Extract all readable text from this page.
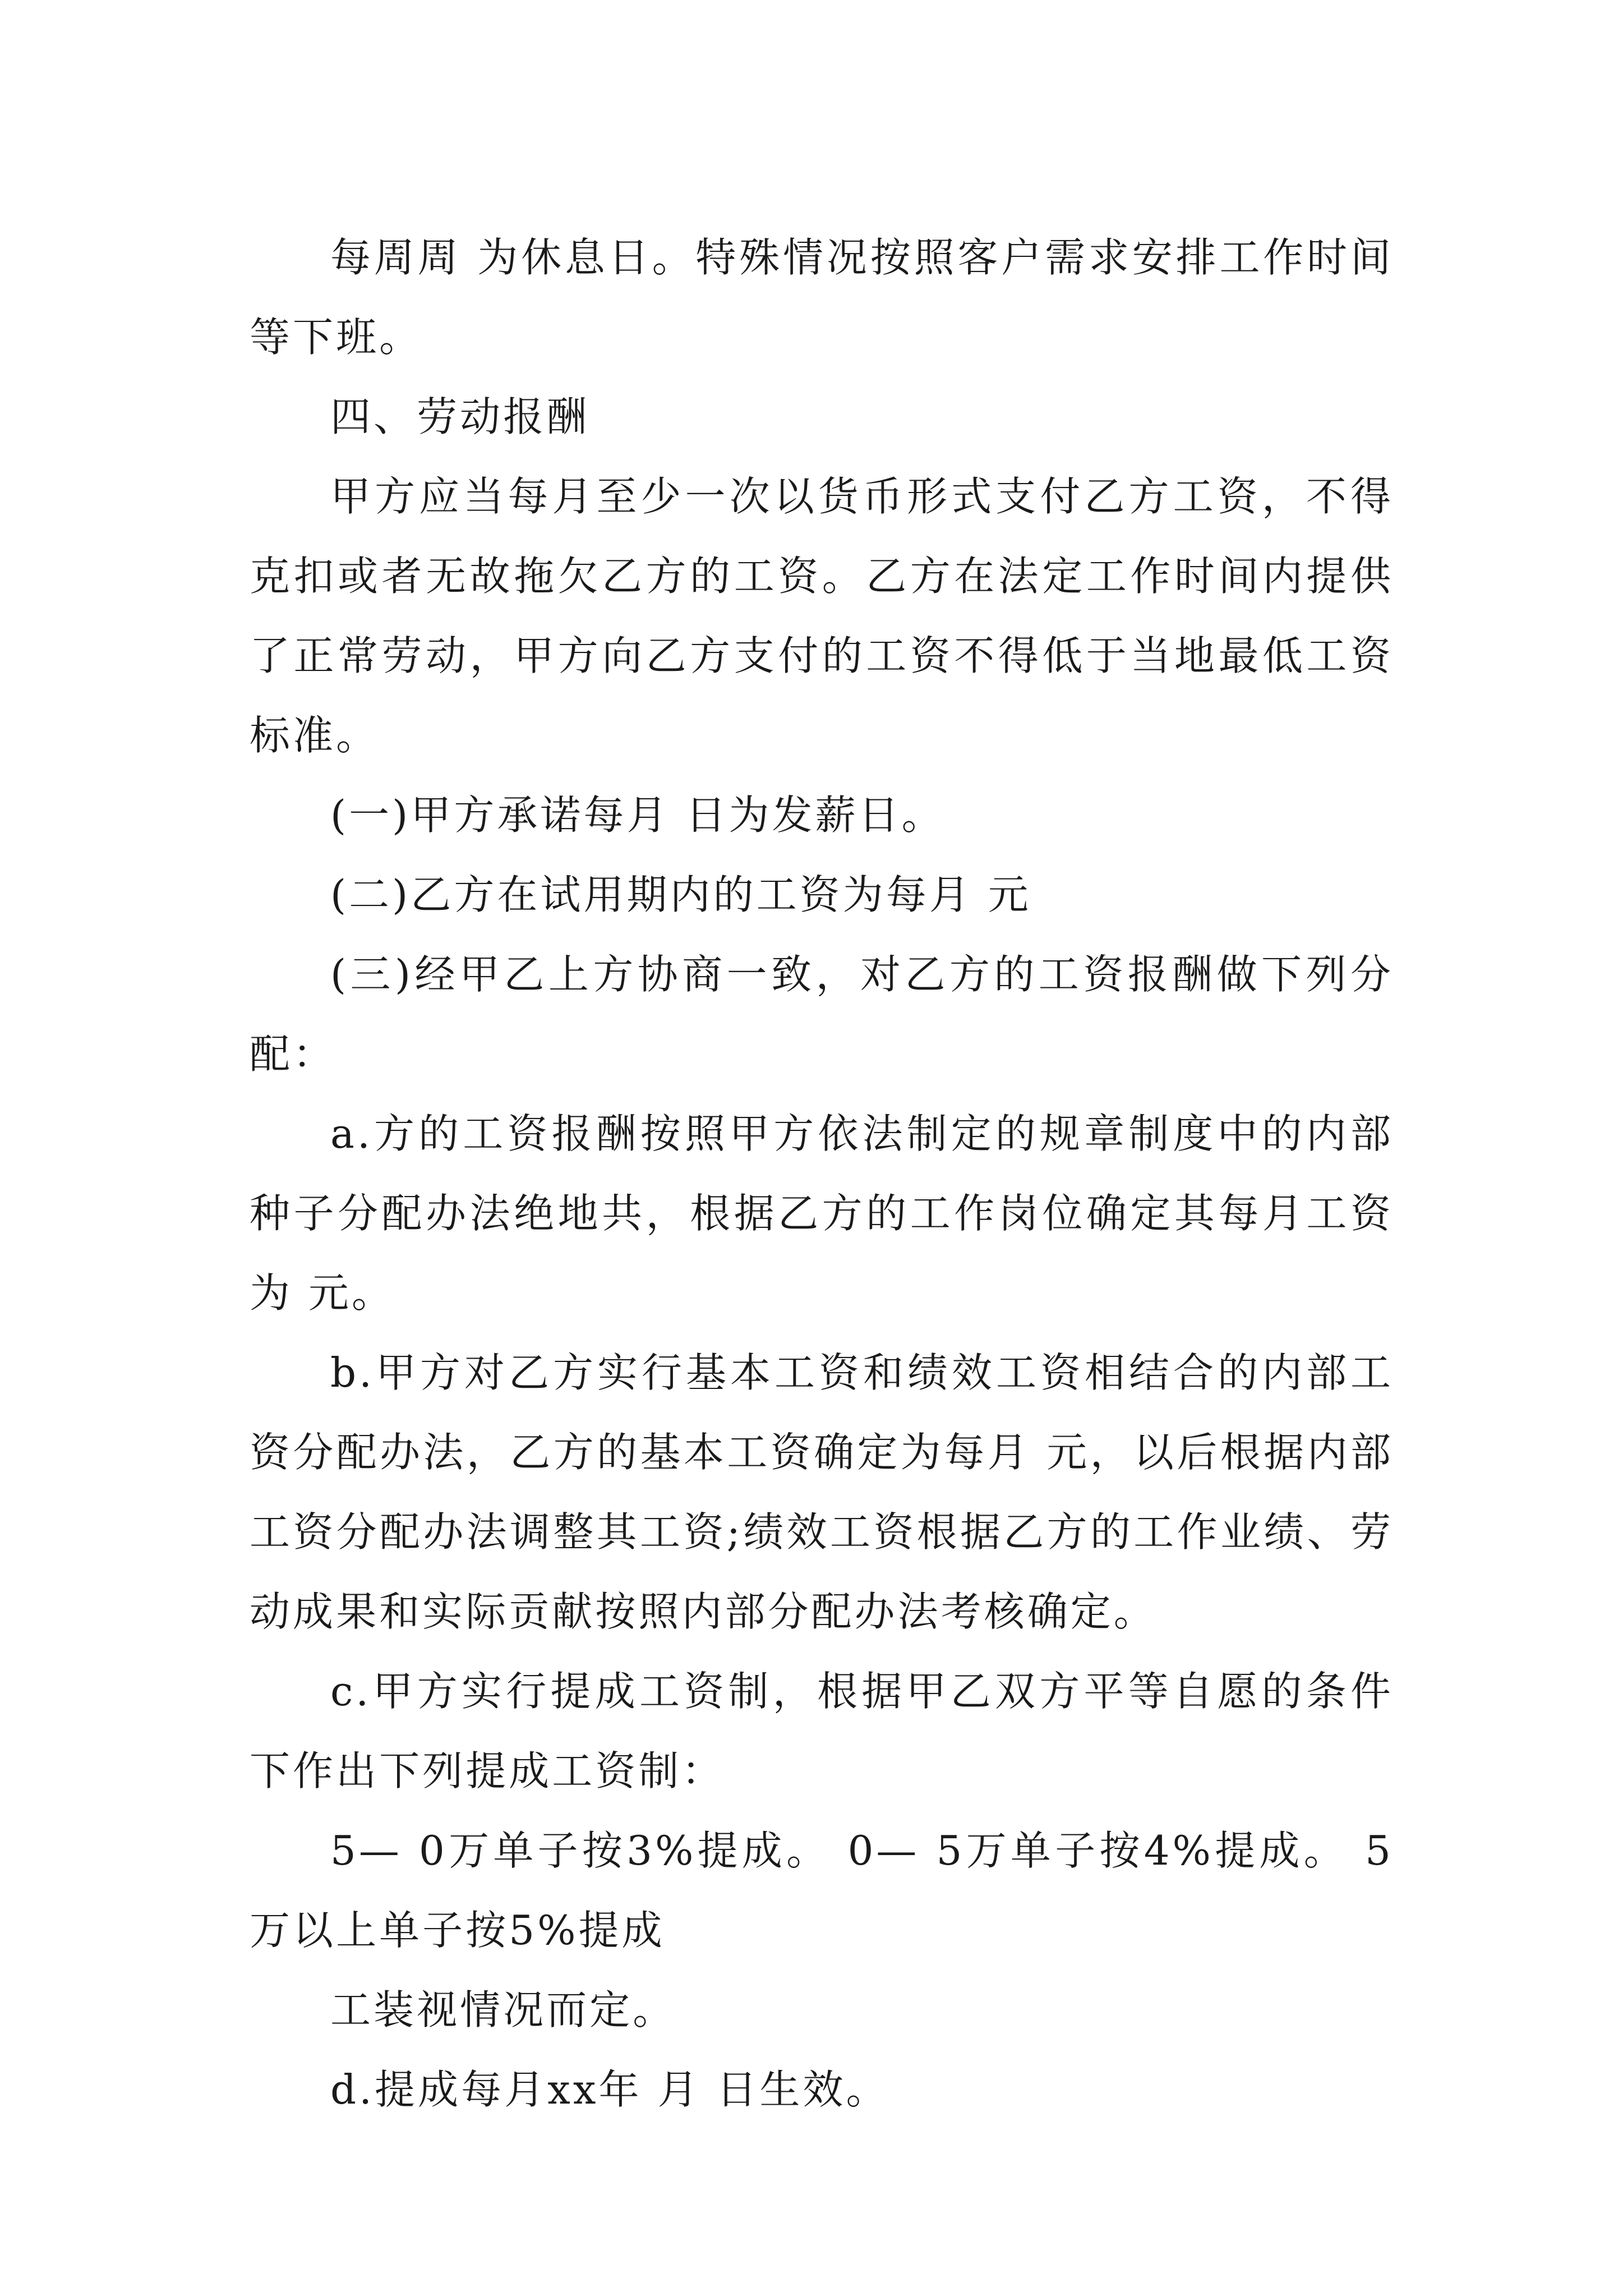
每周周 为休息日。特殊情况按照客户需求安排工作时间等下班。

四、劳动报酬

甲方应当每月至少一次以货币形式支付乙方工资，不得克扣或者无故拖欠乙方的工资。乙方在法定工作时间内提供了正常劳动，甲方向乙方支付的工资不得低于当地最低工资标准。

(一)甲方承诺每月 日为发薪日。

(二)乙方在试用期内的工资为每月 元

(三)经甲乙上方协商一致，对乙方的工资报酬做下列分配：

a.方的工资报酬按照甲方依法制定的规章制度中的内部种子分配办法绝地共，根据乙方的工作岗位确定其每月工资为 元。

b.甲方对乙方实行基本工资和绩效工资相结合的内部工资分配办法，乙方的基本工资确定为每月 元，以后根据内部工资分配办法调整其工资;绩效工资根据乙方的工作业绩、劳动成果和实际贡献按照内部分配办法考核确定。

c.甲方实行提成工资制，根据甲乙双方平等自愿的条件下作出下列提成工资制：

5— 0万单子按3%提成。 0— 5万单子按4%提成。 5万以上单子按5%提成

工装视情况而定。

d.提成每月xx年 月 日生效。
